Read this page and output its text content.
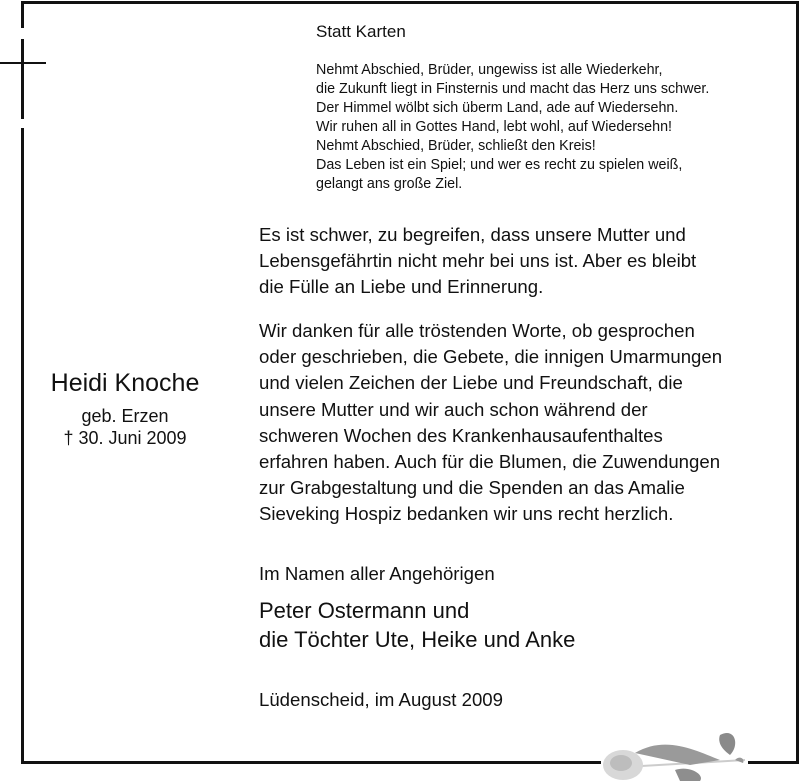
Statt Karten
Nehmt Abschied, Brüder, ungewiss ist alle Wiederkehr,
die Zukunft liegt in Finsternis und macht das Herz uns schwer.
Der Himmel wölbt sich überm Land, ade auf Wiedersehn.
Wir ruhen all in Gottes Hand, lebt wohl, auf Wiedersehn!
Nehmt Abschied, Brüder, schließt den Kreis!
Das Leben ist ein Spiel; und wer es recht zu spielen weiß,
gelangt ans große Ziel.
Es ist schwer, zu begreifen, dass unsere Mutter und
Lebensgefährtin nicht mehr bei uns ist. Aber es bleibt
die Fülle an Liebe und Erinnerung.
Wir danken für alle tröstenden Worte, ob gesprochen
oder geschrieben, die Gebete, die innigen Umarmungen
und vielen Zeichen der Liebe und Freundschaft, die
unsere Mutter und wir auch schon während der
schweren Wochen des Krankenhausaufenthaltes
erfahren haben. Auch für die Blumen, die Zuwendungen
zur Grabgestaltung und die Spenden an das Amalie
Sieveking Hospiz bedanken wir uns recht herzlich.
Heidi Knoche
geb. Erzen
† 30. Juni 2009
Im Namen aller Angehörigen
Peter Ostermann und
die Töchter Ute, Heike und Anke
Lüdenscheid, im August 2009
